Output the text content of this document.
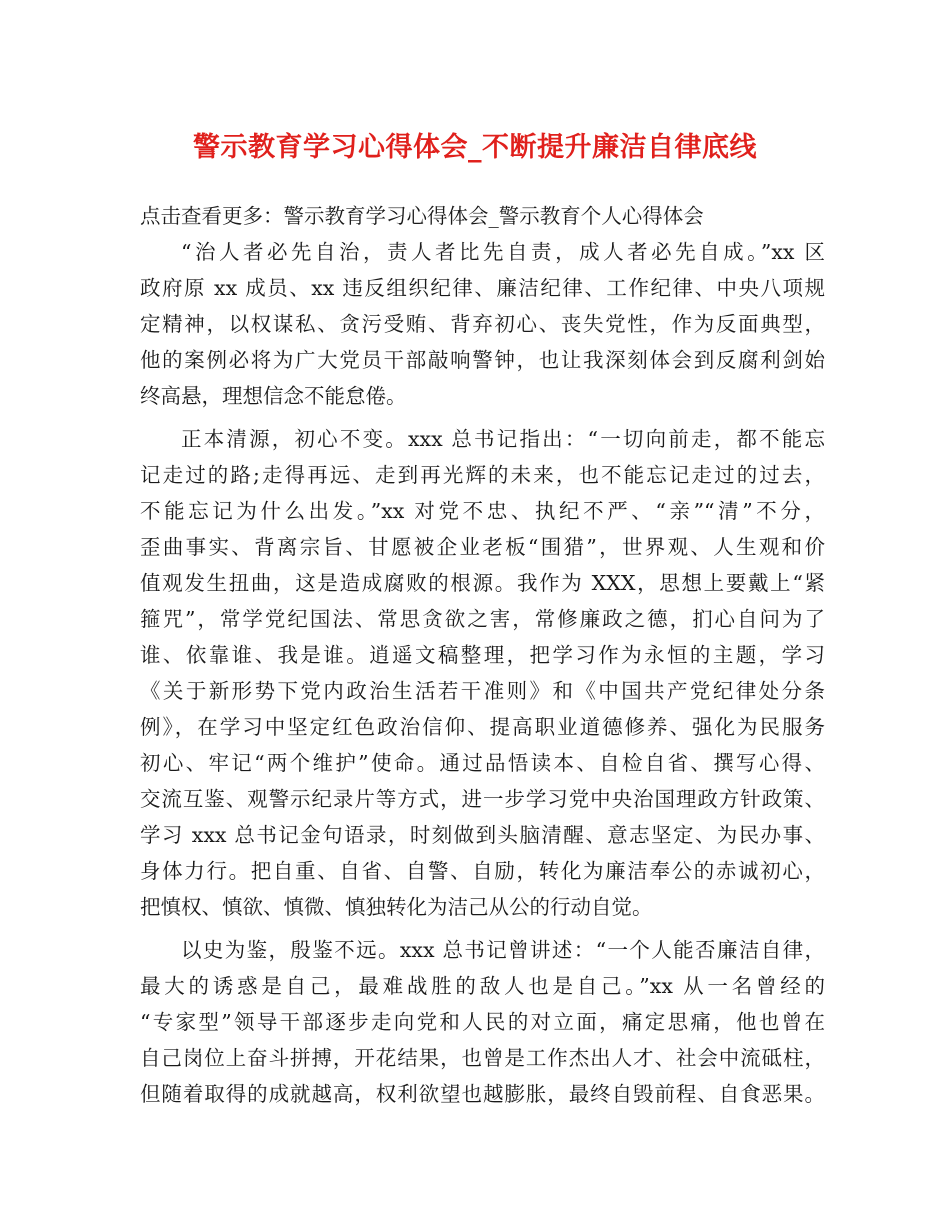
警示教育学习心得体会_不断提升廉洁自律底线
点击查看更多：警示教育学习心得体会_警示教育个人心得体会
“治人者必先自治，责人者比先自责，成人者必先自成。”xx 区
政府原 xx 成员、xx 违反组织纪律、廉洁纪律、工作纪律、中央八项规
定精神，以权谋私、贪污受贿、背弃初心、丧失党性，作为反面典型，
他的案例必将为广大党员干部敲响警钟，也让我深刻体会到反腐利剑始
终高悬，理想信念不能怠倦。
正本清源，初心不变。xxx 总书记指出：“一切向前走，都不能忘
记走过的路;走得再远、走到再光辉的未来，也不能忘记走过的过去，
不能忘记为什么出发。”xx 对党不忠、执纪不严、“亲”“清”不分，
歪曲事实、背离宗旨、甘愿被企业老板“围猎”，世界观、人生观和价
值观发生扭曲，这是造成腐败的根源。我作为 XXX，思想上要戴上“紧
箍咒”，常学党纪国法、常思贪欲之害，常修廉政之德，扪心自问为了
谁、依靠谁、我是谁。逍遥文稿整理，把学习作为永恒的主题，学习
《关于新形势下党内政治生活若干准则》和《中国共产党纪律处分条
例》，在学习中坚定红色政治信仰、提高职业道德修养、强化为民服务
初心、牢记“两个维护”使命。通过品悟读本、自检自省、撰写心得、
交流互鉴、观警示纪录片等方式，进一步学习党中央治国理政方针政策、
学习 xxx 总书记金句语录，时刻做到头脑清醒、意志坚定、为民办事、
身体力行。把自重、自省、自警、自励，转化为廉洁奉公的赤诚初心，
把慎权、慎欲、慎微、慎独转化为洁己从公的行动自觉。
以史为鉴，殷鉴不远。xxx 总书记曾讲述：“一个人能否廉洁自律，
最大的诱惑是自己，最难战胜的敌人也是自己。”xx 从一名曾经的
“专家型”领导干部逐步走向党和人民的对立面，痛定思痛，他也曾在
自己岗位上奋斗拼搏，开花结果，也曾是工作杰出人才、社会中流砥柱，
但随着取得的成就越高，权利欲望也越膨胀，最终自毁前程、自食恶果。
